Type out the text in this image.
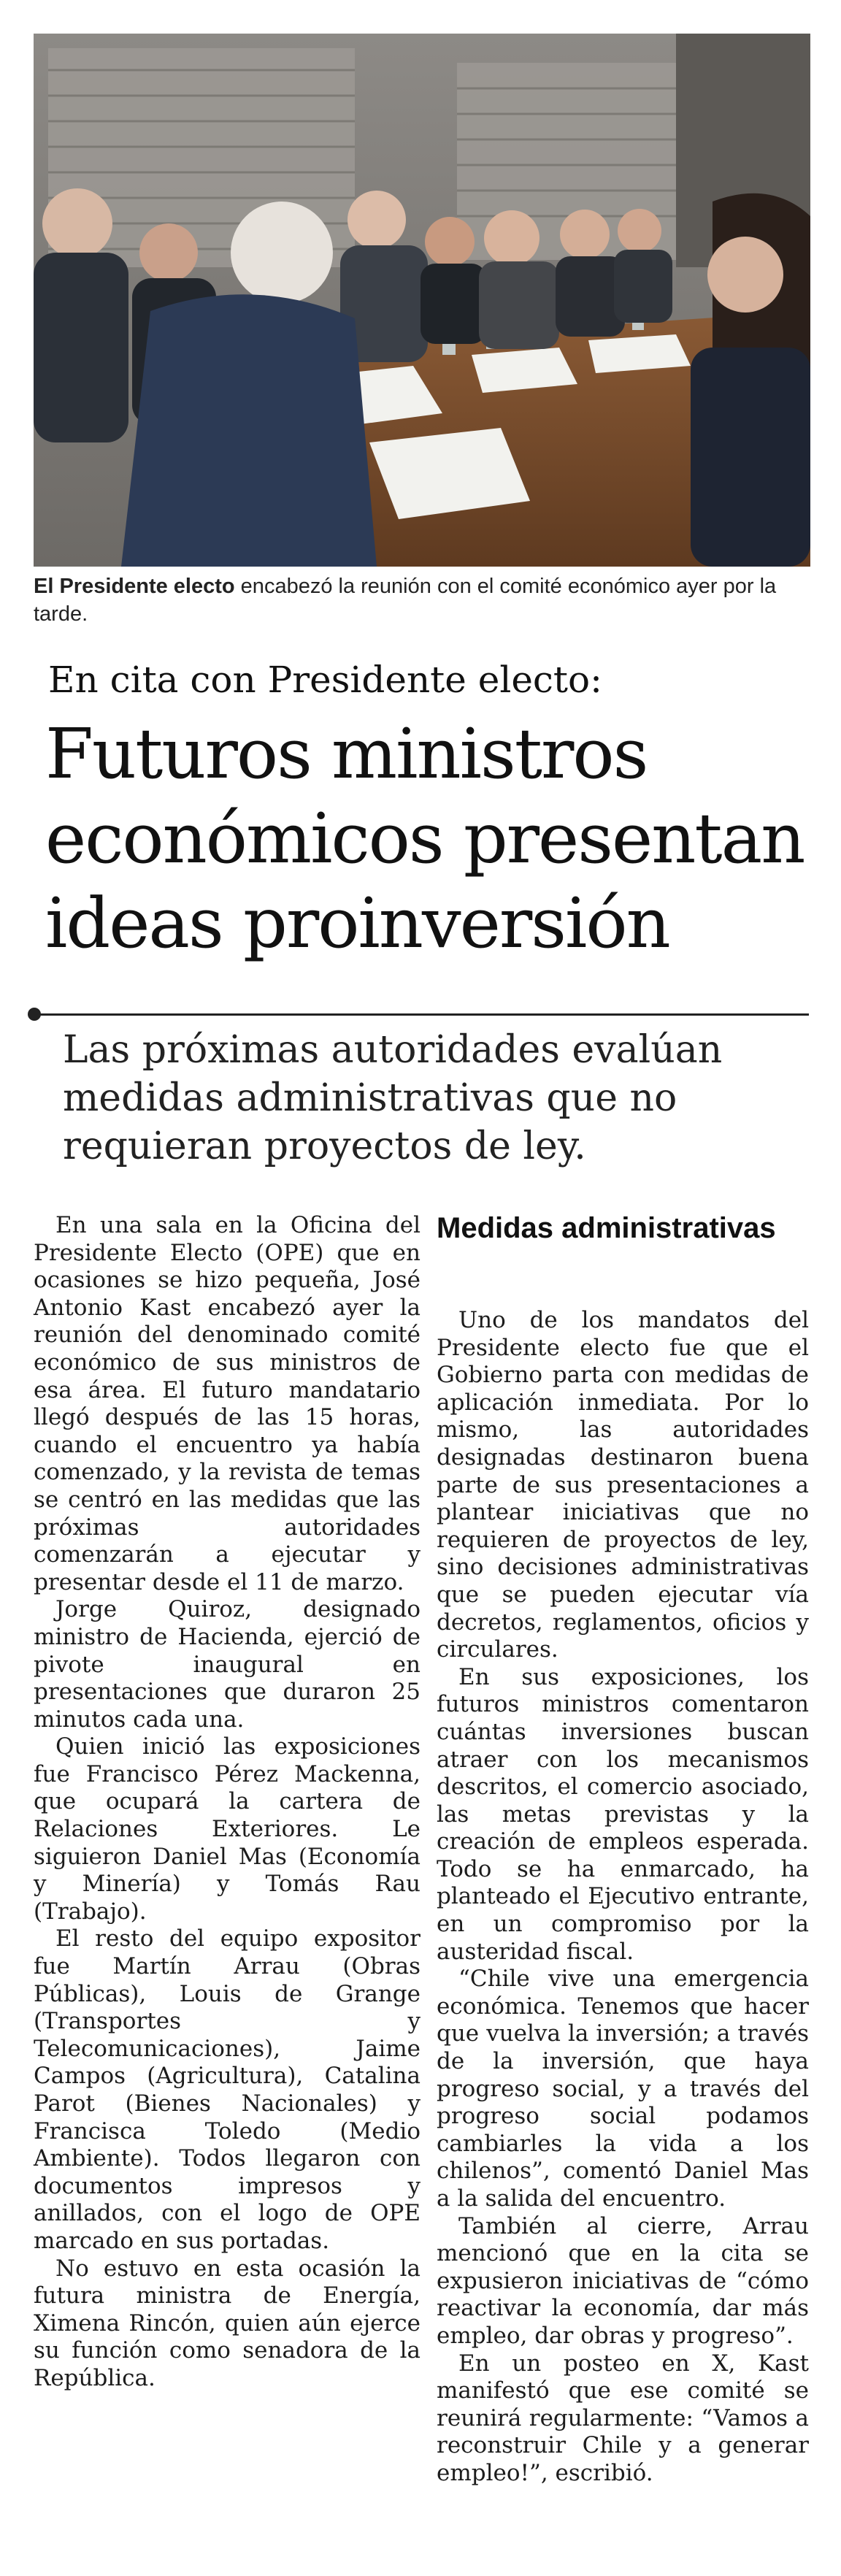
El Presidente electo encabezó la reunión con el comité económico ayer por la tarde.
En cita con Presidente electo:
Futuros ministros
económicos presentan
ideas proinversión
Las próximas autoridades evalúan
medidas administrativas que no
requieran proyectos de ley.

En una sala en la Oficina del Presidente Electo (OPE) que en ocasiones se hizo pequeña, José Antonio Kast encabezó ayer la reunión del denominado comité económico de sus ministros de esa área. El futuro mandatario llegó después de las 15 horas, cuando el encuentro ya había comenzado, y la revista de temas se centró en las medidas que las próximas autoridades comenzarán a ejecutar y presentar desde el 11 de marzo.

Jorge Quiroz, designado ministro de Hacienda, ejerció de pivote inaugural en presentaciones que duraron 25 minutos cada una.

Quien inició las exposiciones fue Francisco Pérez Mackenna, que ocupará la cartera de Relaciones Exteriores. Le siguieron Daniel Mas (Economía y Minería) y Tomás Rau (Trabajo).

El resto del equipo expositor fue Martín Arrau (Obras Públicas), Louis de Grange (Transportes y Telecomunicaciones), Jaime Campos (Agricultura), Catalina Parot (Bienes Nacionales) y Francisca Toledo (Medio Ambiente). Todos llegaron con documentos impresos y anillados, con el logo de OPE marcado en sus portadas.

No estuvo en esta ocasión la futura ministra de Energía, Ximena Rincón, quien aún ejerce su función como senadora de la República.

Medidas administrativas

Uno de los mandatos del Presidente electo fue que el Gobierno parta con medidas de aplicación inmediata. Por lo mismo, las autoridades designadas destinaron buena parte de sus presentaciones a plantear iniciativas que no requieren de proyectos de ley, sino decisiones administrativas que se pueden ejecutar vía decretos, reglamentos, oficios y circulares.

En sus exposiciones, los futuros ministros comentaron cuántas inversiones buscan atraer con los mecanismos descritos, el comercio asociado, las metas previstas y la creación de empleos esperada. Todo se ha enmarcado, ha planteado el Ejecutivo entrante, en un compromiso por la austeridad fiscal.

“Chile vive una emergencia económica. Tenemos que hacer que vuelva la inversión; a través de la inversión, que haya progreso social, y a través del progreso social podamos cambiarles la vida a los chilenos”, comentó Daniel Mas a la salida del encuentro.

También al cierre, Arrau mencionó que en la cita se expusieron iniciativas de “cómo reactivar la economía, dar más empleo, dar obras y progreso”.

En un posteo en X, Kast manifestó que ese comité se reunirá regularmente: “Vamos a reconstruir Chile y a generar empleo!”, escribió.
